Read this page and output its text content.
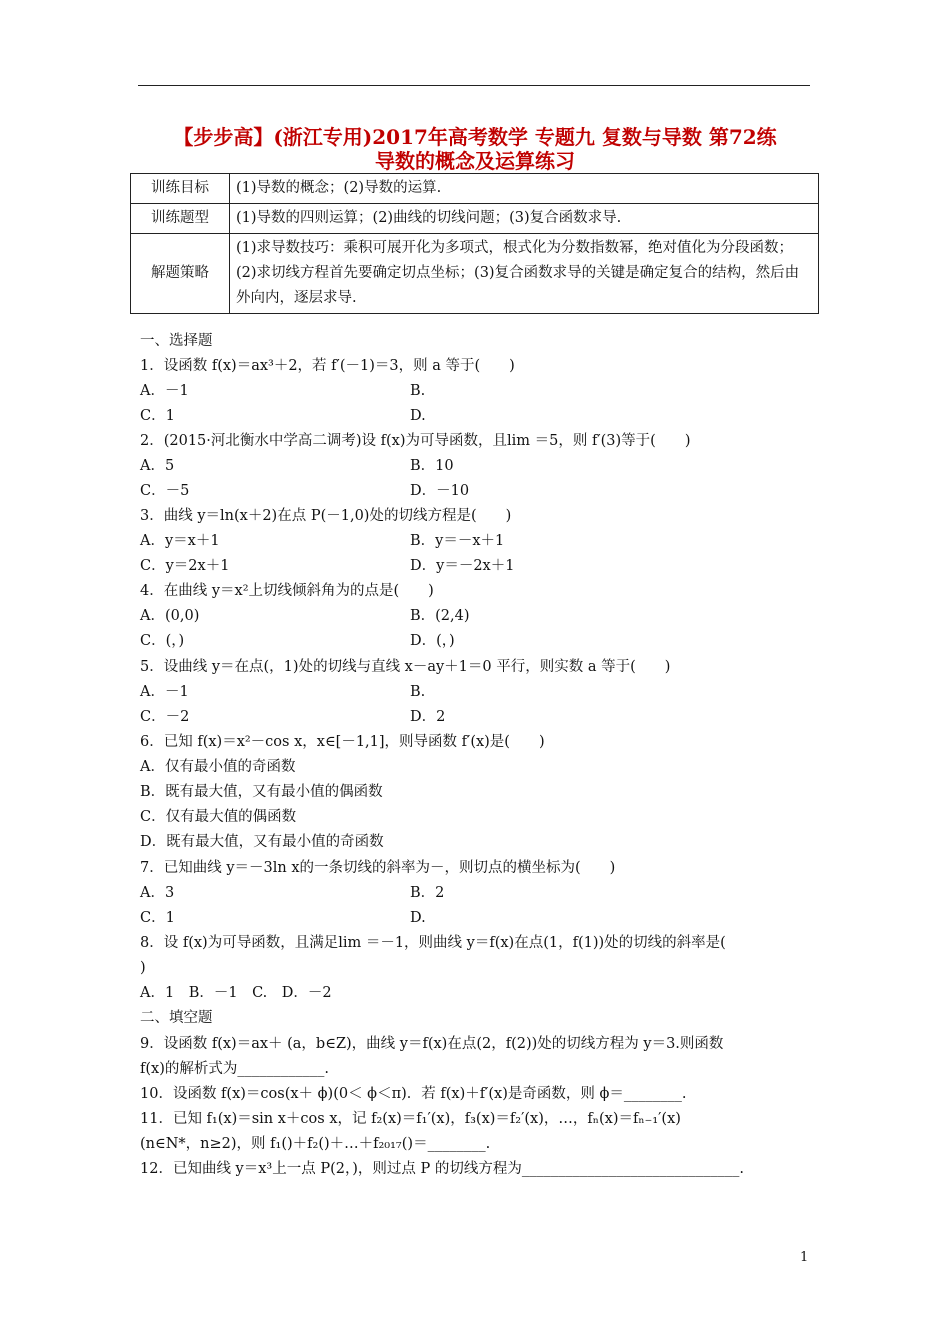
【步步高】(浙江专用)2017年高考数学 专题九 复数与导数 第72练
导数的概念及运算练习
训练目标	(1)导数的概念；(2)导数的运算.
训练题型	(1)导数的四则运算；(2)曲线的切线问题；(3)复合函数求导.
解题策略	(1)求导数技巧：乘积可展开化为多项式，根式化为分数指数幂，绝对值化为分段函数；(2)求切线方程首先要确定切点坐标；(3)复合函数求导的关键是确定复合的结构，然后由外向内，逐层求导.
一、选择题
1．设函数 f(x)＝ax³＋2，若 f′(－1)＝3，则 a 等于(　　)
A．－1	B.
C．1	D.
2．(2015·河北衡水中学高二调考)设 f(x)为可导函数，且lim ＝5，则 f′(3)等于(　　)
A．5	B．10
C．－5	D．－10
3．曲线 y＝ln(x＋2)在点 P(－1,0)处的切线方程是(　　)
A．y＝x＋1	B．y＝－x＋1
C．y＝2x＋1	D．y＝－2x＋1
4．在曲线 y＝x²上切线倾斜角为的点是(　　)
A．(0,0)	B．(2,4)
C．(，)	D．(，)
5．设曲线 y＝在点(，1)处的切线与直线 x－ay＋1＝0 平行，则实数 a 等于(　　)
A．－1	B.
C．－2	D．2
6．已知 f(x)＝x²－cos x，x∈[－1,1]，则导函数 f′(x)是(　　)
A．仅有最小值的奇函数
B．既有最大值，又有最小值的偶函数
C．仅有最大值的偶函数
D．既有最大值，又有最小值的奇函数
7．已知曲线 y＝－3ln x的一条切线的斜率为－，则切点的横坐标为(　　)
A．3	B．2
C．1	D.
8．设 f(x)为可导函数，且满足lim ＝－1，则曲线 y＝f(x)在点(1，f(1))处的切线的斜率是(
)
A．1　B．－1　C.　D．－2
二、填空题
9．设函数 f(x)＝ax＋ (a，b∈Z)，曲线 y＝f(x)在点(2，f(2))处的切线方程为 y＝3.则函数
f(x)的解析式为____________.
10．设函数 f(x)＝cos(x＋ ϕ)(0＜ ϕ＜π)．若 f(x)＋f′(x)是奇函数，则 ϕ＝________.
11．已知 f₁(x)＝sin x＋cos x，记 f₂(x)＝f₁′(x)，f₃(x)＝f₂′(x)，…，fₙ(x)＝fₙ₋₁′(x)
(n∈N*，n≥2)，则 f₁()＋f₂()＋…＋f₂₀₁₇()＝________.
12．已知曲线 y＝x³上一点 P(2，)，则过点 P 的切线方程为______________________________.
1
